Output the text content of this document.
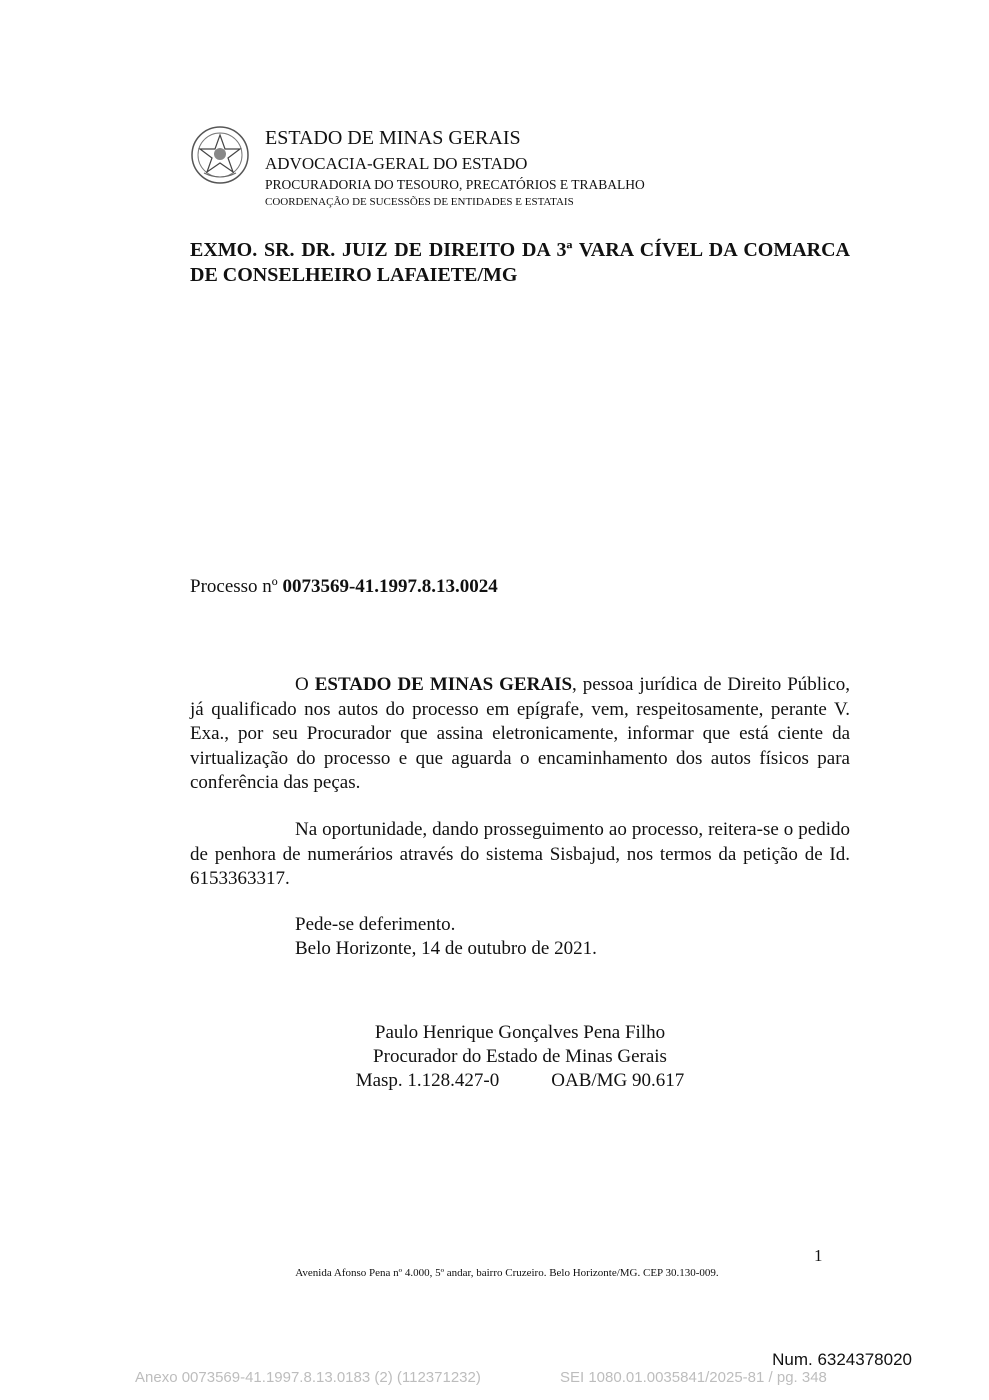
ESTADO DE MINAS GERAIS
ADVOCACIA-GERAL DO ESTADO
PROCURADORIA DO TESOURO, PRECATÓRIOS E TRABALHO
COORDENAÇÃO DE SUCESSÕES DE ENTIDADES E ESTATAIS
EXMO. SR. DR. JUIZ DE DIREITO DA 3ª VARA CÍVEL DA COMARCA DE CONSELHEIRO LAFAIETE/MG
Processo nº 0073569-41.1997.8.13.0024
O ESTADO DE MINAS GERAIS, pessoa jurídica de Direito Público, já qualificado nos autos do processo em epígrafe, vem, respeitosamente, perante V. Exa., por seu Procurador que assina eletronicamente, informar que está ciente da virtualização do processo e que aguarda o encaminhamento dos autos físicos para conferência das peças.
Na oportunidade, dando prosseguimento ao processo, reitera-se o pedido de penhora de numerários através do sistema Sisbajud, nos termos da petição de Id. 6153363317.
Pede-se deferimento.
Belo Horizonte, 14 de outubro de 2021.
Paulo Henrique Gonçalves Pena Filho
Procurador do Estado de Minas Gerais
Masp. 1.128.427-0	OAB/MG 90.617
1
Avenida Afonso Pena nº 4.000, 5º andar, bairro Cruzeiro. Belo Horizonte/MG. CEP 30.130-009.
Num. 6324378020
Anexo 0073569-41.1997.8.13.0183 (2) (112371232)	SEI 1080.01.0035841/2025-81 / pg. 348
